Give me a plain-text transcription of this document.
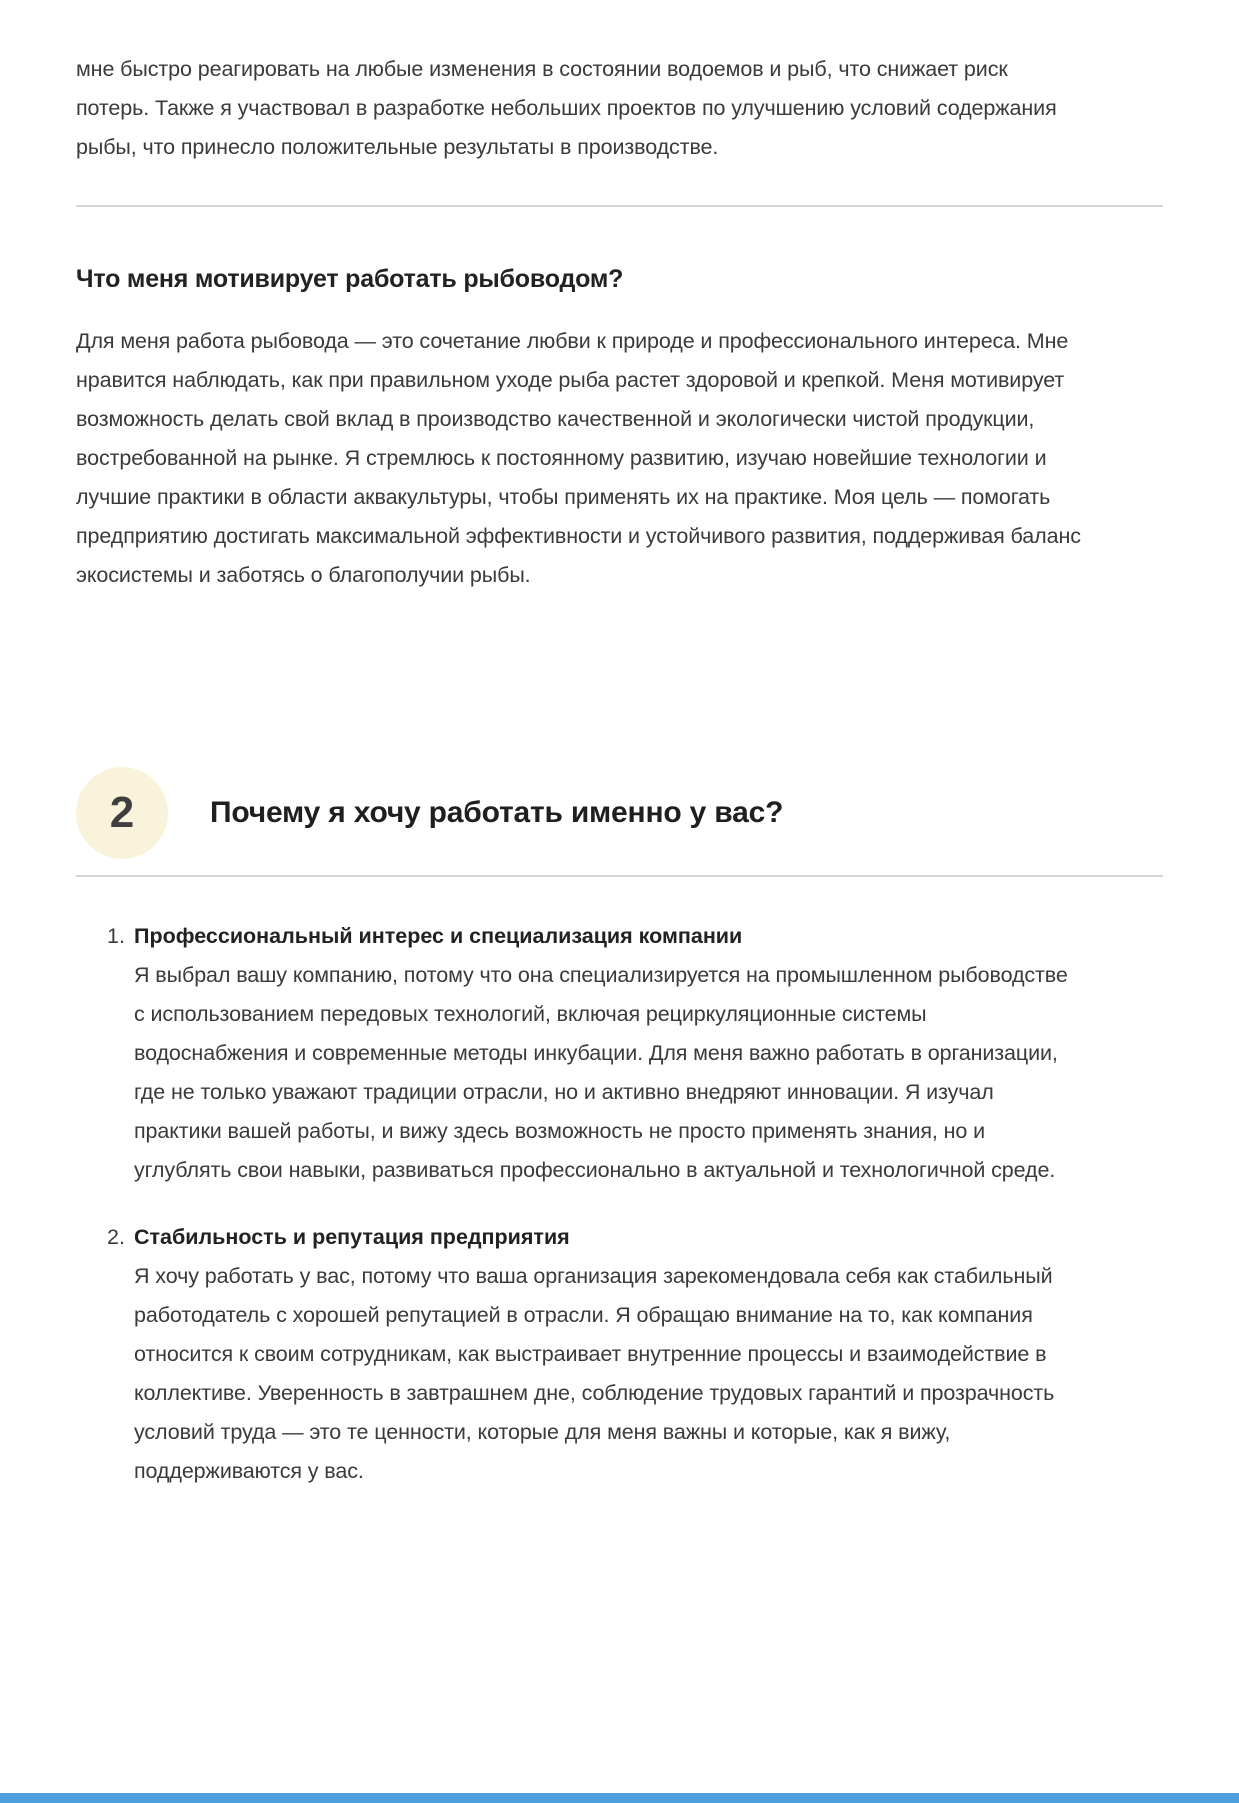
мне быстро реагировать на любые изменения в состоянии водоемов и рыб, что снижает риск потерь. Также я участвовал в разработке небольших проектов по улучшению условий содержания рыбы, что принесло положительные результаты в производстве.
Что меня мотивирует работать рыбоводом?
Для меня работа рыбовода — это сочетание любви к природе и профессионального интереса. Мне нравится наблюдать, как при правильном уходе рыба растет здоровой и крепкой. Меня мотивирует возможность делать свой вклад в производство качественной и экологически чистой продукции, востребованной на рынке. Я стремлюсь к постоянному развитию, изучаю новейшие технологии и лучшие практики в области аквакультуры, чтобы применять их на практике. Моя цель — помогать предприятию достигать максимальной эффективности и устойчивого развития, поддерживая баланс экосистемы и заботясь о благополучии рыбы.
2	Почему я хочу работать именно у вас?
1. Профессиональный интерес и специализация компании
Я выбрал вашу компанию, потому что она специализируется на промышленном рыбоводстве с использованием передовых технологий, включая рециркуляционные системы водоснабжения и современные методы инкубации. Для меня важно работать в организации, где не только уважают традиции отрасли, но и активно внедряют инновации. Я изучал практики вашей работы, и вижу здесь возможность не просто применять знания, но и углублять свои навыки, развиваться профессионально в актуальной и технологичной среде.
2. Стабильность и репутация предприятия
Я хочу работать у вас, потому что ваша организация зарекомендовала себя как стабильный работодатель с хорошей репутацией в отрасли. Я обращаю внимание на то, как компания относится к своим сотрудникам, как выстраивает внутренние процессы и взаимодействие в коллективе. Уверенность в завтрашнем дне, соблюдение трудовых гарантий и прозрачность условий труда — это те ценности, которые для меня важны и которые, как я вижу, поддерживаются у вас.
